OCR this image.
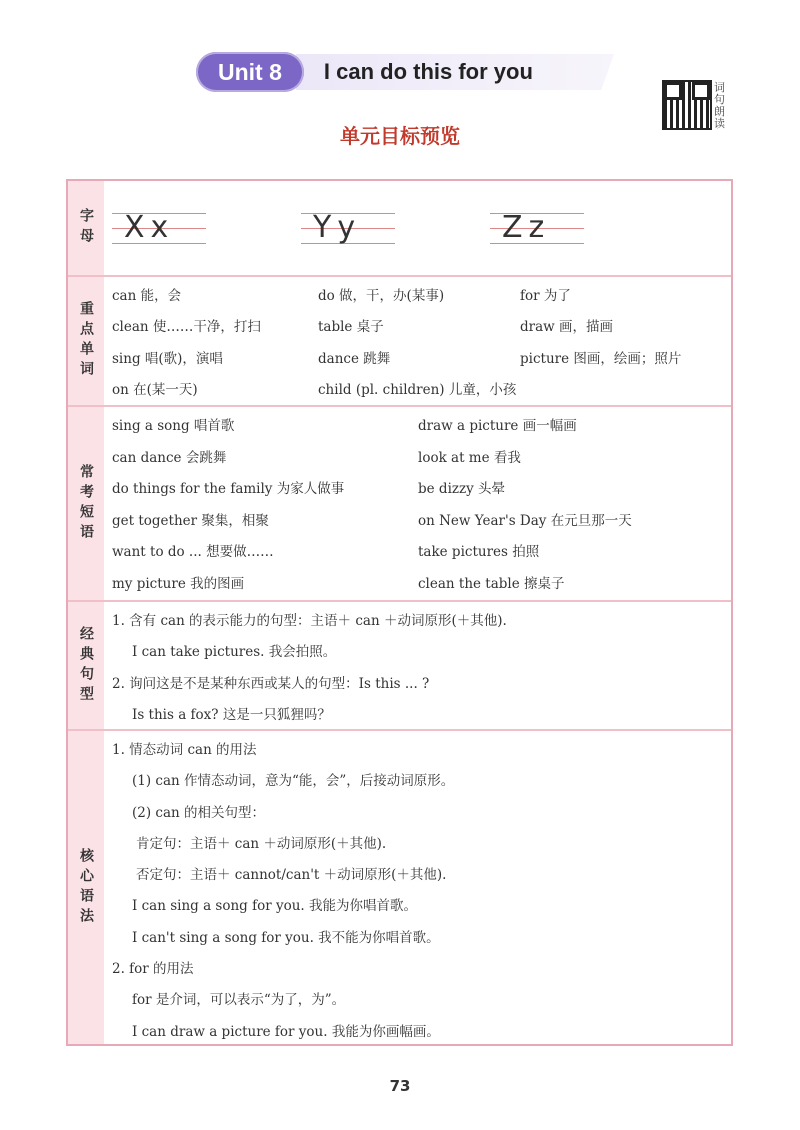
Unit 8	I can do this for you
词句朗读
单元目标预览
字母	Xx	Yy	Zz
重点单词
can 能，会	do 做，干，办(某事)	for 为了
clean 使……干净，打扫	table 桌子	draw 画，描画
sing 唱(歌)，演唱	dance 跳舞	picture 图画，绘画；照片
on 在(某一天)	child (pl. children) 儿童，小孩
常考短语
sing a song 唱首歌	draw a picture 画一幅画
can dance 会跳舞	look at me 看我
do things for the family 为家人做事	be dizzy 头晕
get together 聚集，相聚	on New Year's Day 在元旦那一天
want to do ... 想要做……	take pictures 拍照
my picture 我的图画	clean the table 擦桌子
经典句型
1. 含有 can 的表示能力的句型：主语＋ can ＋动词原形(＋其他).
I can take pictures. 我会拍照。
2. 询问这是不是某种东西或某人的句型：Is this ... ?
Is this a fox? 这是一只狐狸吗？
核心语法
1. 情态动词 can 的用法
(1) can 作情态动词，意为“能，会”，后接动词原形。
(2) can 的相关句型：
肯定句：主语＋ can ＋动词原形(＋其他).
否定句：主语＋ cannot/can't ＋动词原形(＋其他).
I can sing a song for you. 我能为你唱首歌。
I can't sing a song for you. 我不能为你唱首歌。
2. for 的用法
for 是介词，可以表示“为了，为”。
I can draw a picture for you. 我能为你画幅画。
73
